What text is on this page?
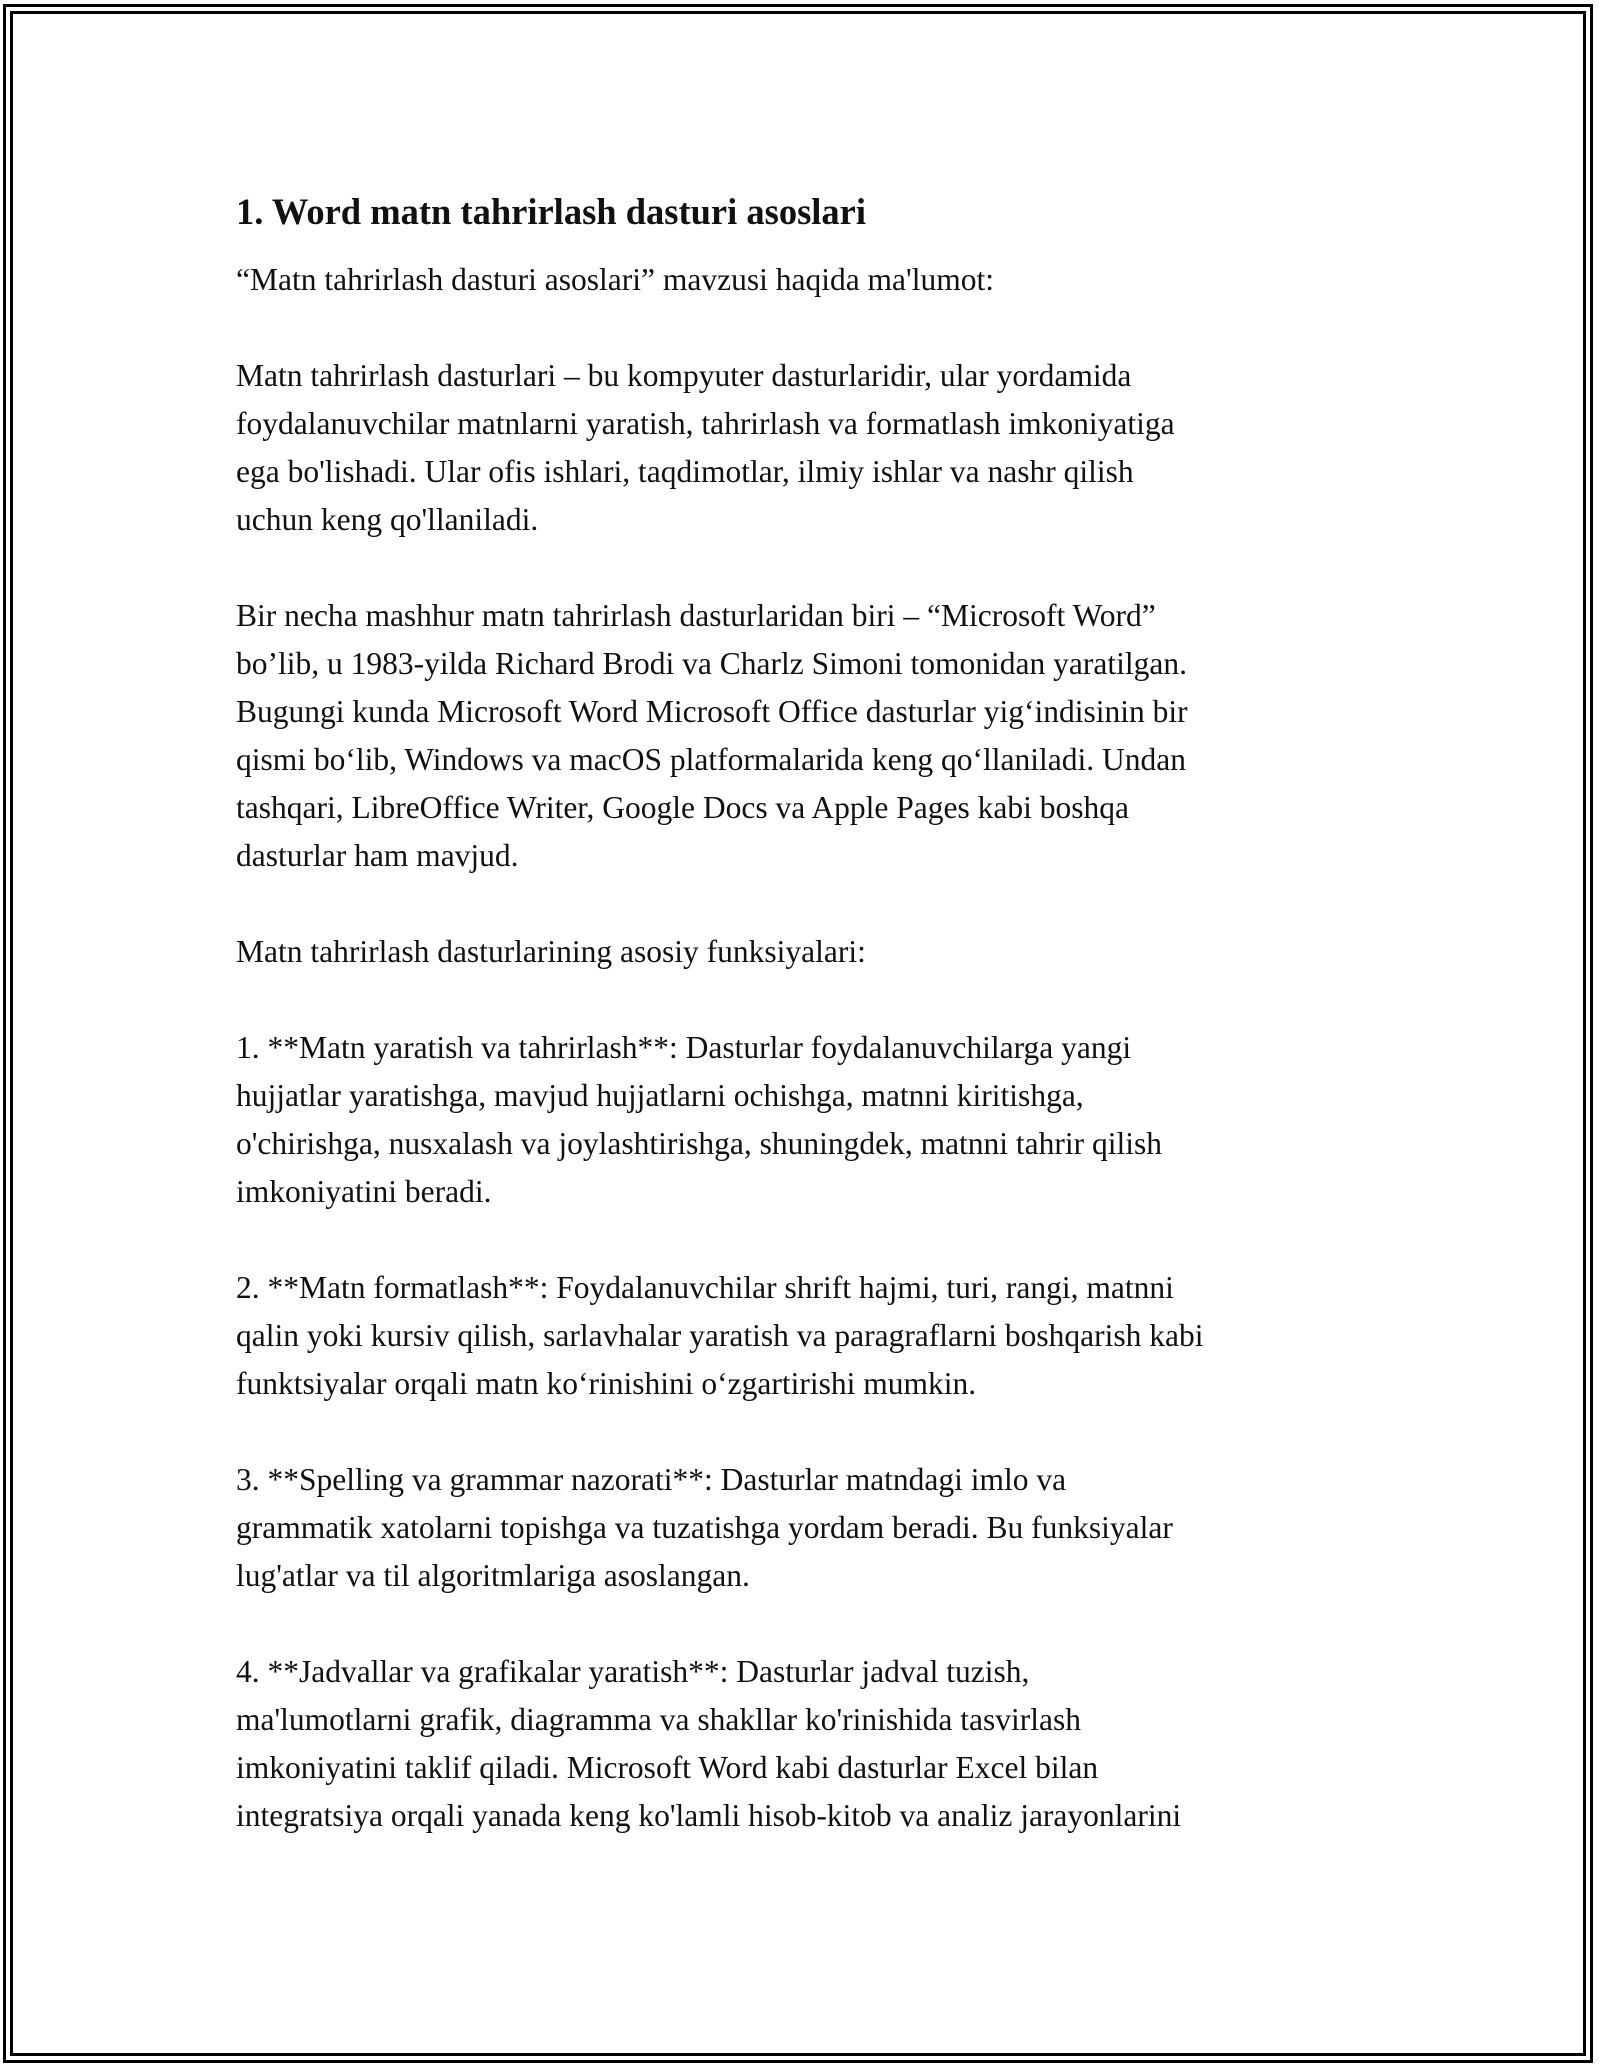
1. Word matn tahrirlash dasturi asoslari

“Matn tahrirlash dasturi asoslari” mavzusi haqida ma'lumot:

Matn tahrirlash dasturlari – bu kompyuter dasturlaridir, ular yordamida
foydalanuvchilar matnlarni yaratish, tahrirlash va formatlash imkoniyatiga
ega bo'lishadi. Ular ofis ishlari, taqdimotlar, ilmiy ishlar va nashr qilish
uchun keng qo'llaniladi.

Bir necha mashhur matn tahrirlash dasturlaridan biri – “Microsoft Word”
bo’lib, u 1983-yilda Richard Brodi va Charlz Simoni tomonidan yaratilgan.
Bugungi kunda Microsoft Word Microsoft Office dasturlar yig‘indisinin bir
qismi bo‘lib, Windows va macOS platformalarida keng qo‘llaniladi. Undan
tashqari, LibreOffice Writer, Google Docs va Apple Pages kabi boshqa
dasturlar ham mavjud.

Matn tahrirlash dasturlarining asosiy funksiyalari:

1. **Matn yaratish va tahrirlash**: Dasturlar foydalanuvchilarga yangi
hujjatlar yaratishga, mavjud hujjatlarni ochishga, matnni kiritishga,
o'chirishga, nusxalash va joylashtirishga, shuningdek, matnni tahrir qilish
imkoniyatini beradi.

2. **Matn formatlash**: Foydalanuvchilar shrift hajmi, turi, rangi, matnni
qalin yoki kursiv qilish, sarlavhalar yaratish va paragraflarni boshqarish kabi
funktsiyalar orqali matn ko‘rinishini o‘zgartirishi mumkin.

3. **Spelling va grammar nazorati**: Dasturlar matndagi imlo va
grammatik xatolarni topishga va tuzatishga yordam beradi. Bu funksiyalar
lug'atlar va til algoritmlariga asoslangan.

4. **Jadvallar va grafikalar yaratish**: Dasturlar jadval tuzish,
ma'lumotlarni grafik, diagramma va shakllar ko'rinishida tasvirlash
imkoniyatini taklif qiladi. Microsoft Word kabi dasturlar Excel bilan
integratsiya orqali yanada keng ko'lamli hisob-kitob va analiz jarayonlarini
